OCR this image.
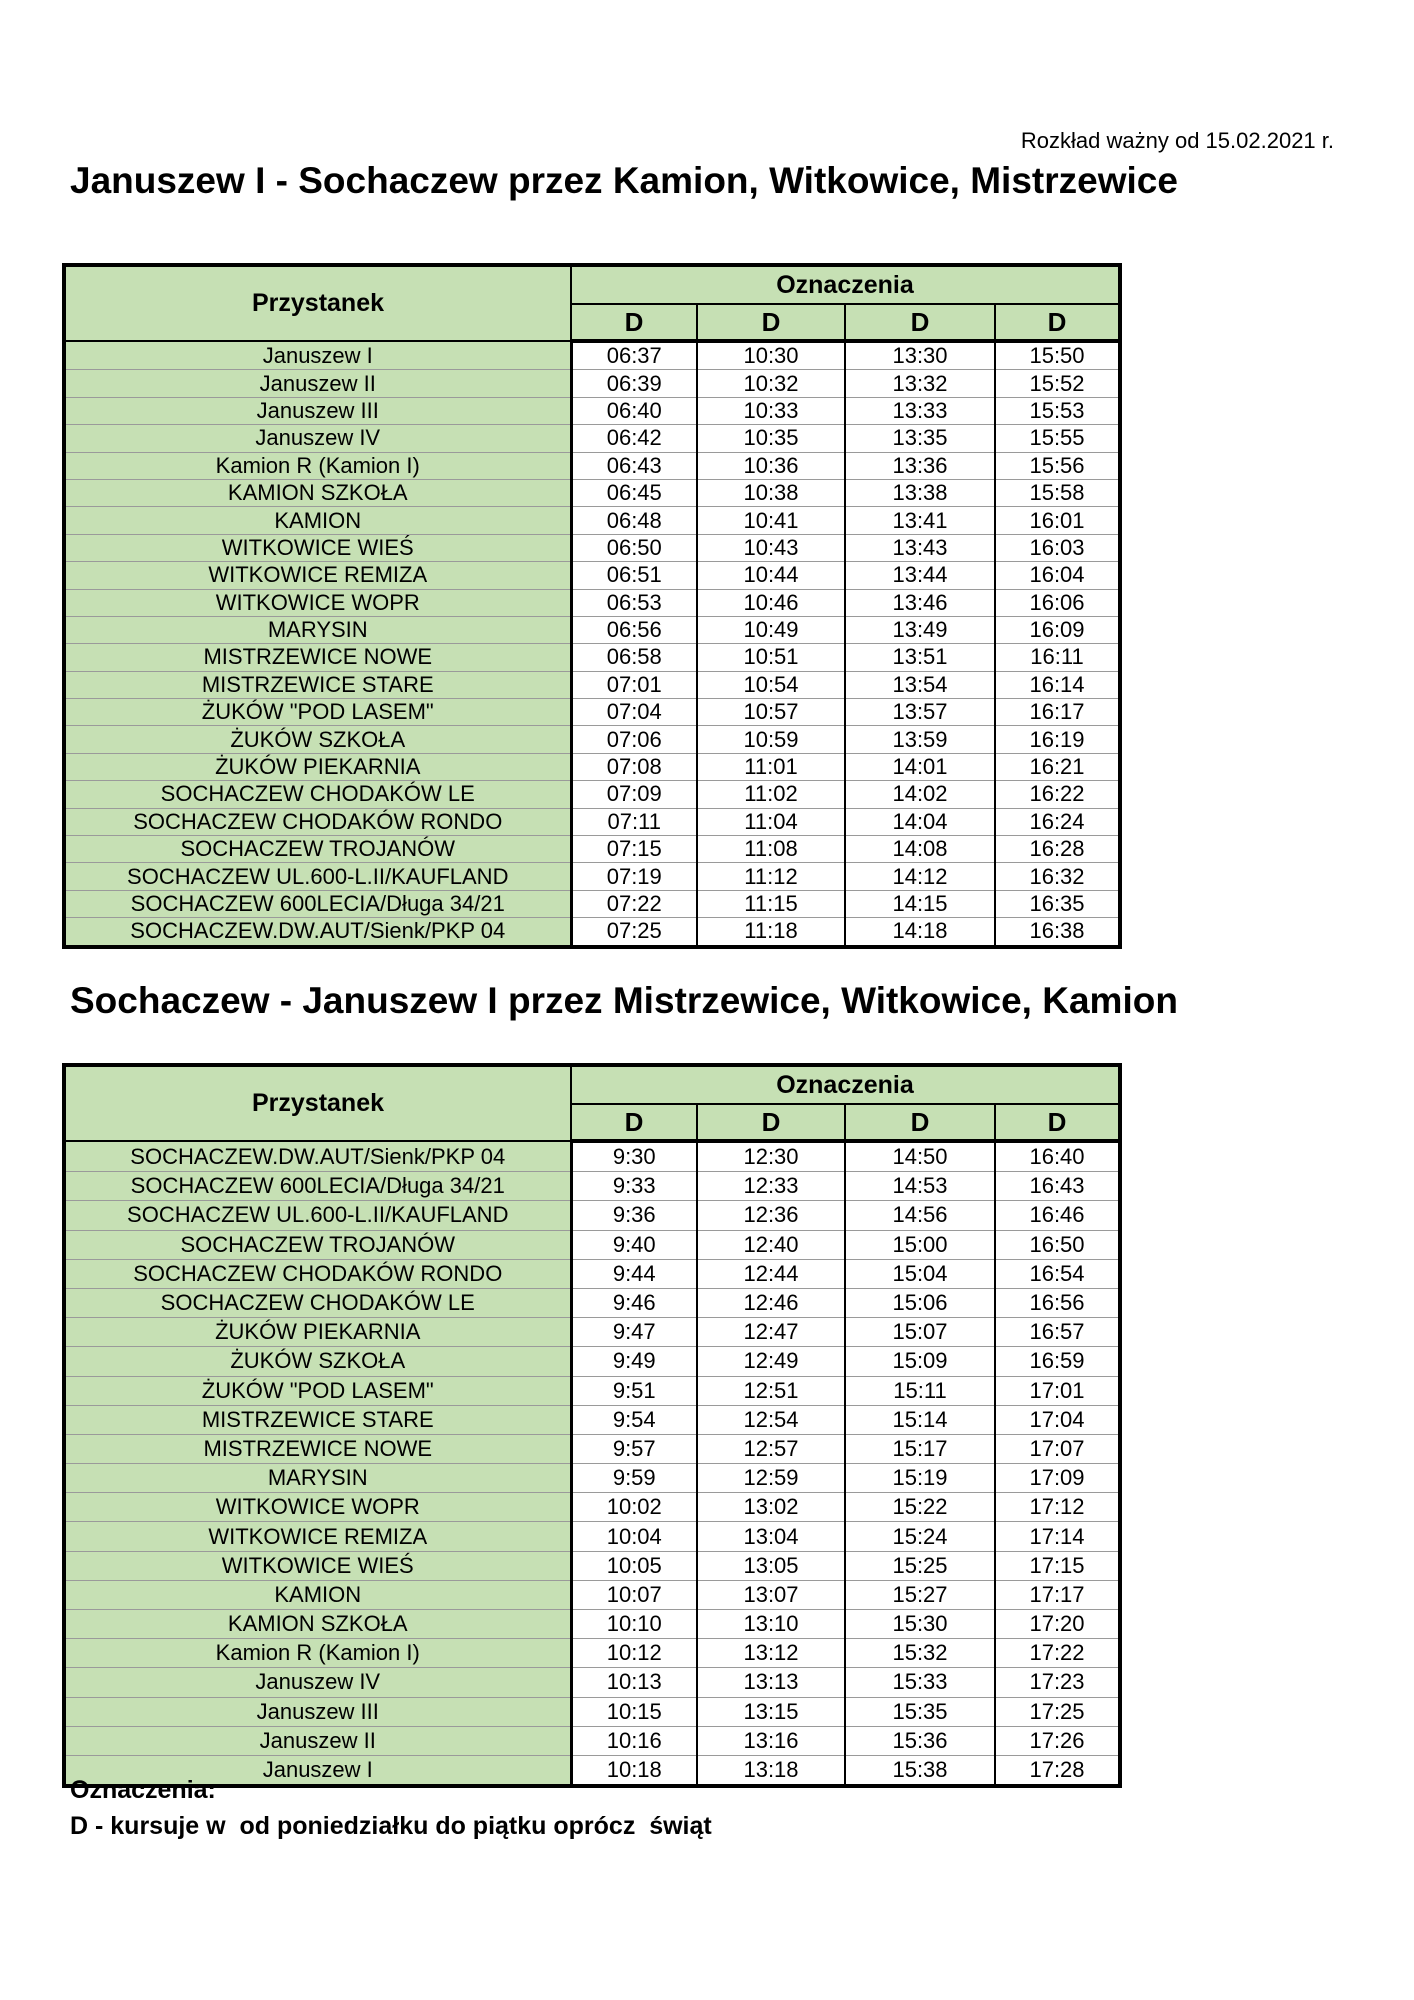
Rozkład ważny od 15.02.2021 r.
Januszew I - Sochaczew przez Kamion, Witkowice, Mistrzewice
Przystanek	Oznaczenia			
	D	D	D	D
Januszew I	06:37	10:30	13:30	15:50
Januszew II	06:39	10:32	13:32	15:52
Januszew III	06:40	10:33	13:33	15:53
Januszew IV	06:42	10:35	13:35	15:55
Kamion R (Kamion I)	06:43	10:36	13:36	15:56
KAMION SZKOŁA	06:45	10:38	13:38	15:58
KAMION	06:48	10:41	13:41	16:01
WITKOWICE WIEŚ	06:50	10:43	13:43	16:03
WITKOWICE REMIZA	06:51	10:44	13:44	16:04
WITKOWICE WOPR	06:53	10:46	13:46	16:06
MARYSIN	06:56	10:49	13:49	16:09
MISTRZEWICE NOWE	06:58	10:51	13:51	16:11
MISTRZEWICE STARE	07:01	10:54	13:54	16:14
ŻUKÓW "POD LASEM"	07:04	10:57	13:57	16:17
ŻUKÓW SZKOŁA	07:06	10:59	13:59	16:19
ŻUKÓW PIEKARNIA	07:08	11:01	14:01	16:21
SOCHACZEW CHODAKÓW LE	07:09	11:02	14:02	16:22
SOCHACZEW CHODAKÓW RONDO	07:11	11:04	14:04	16:24
SOCHACZEW TROJANÓW	07:15	11:08	14:08	16:28
SOCHACZEW UL.600-L.II/KAUFLAND	07:19	11:12	14:12	16:32
SOCHACZEW 600LECIA/Długa 34/21	07:22	11:15	14:15	16:35
SOCHACZEW.DW.AUT/Sienk/PKP 04	07:25	11:18	14:18	16:38
Sochaczew - Januszew I przez Mistrzewice, Witkowice, Kamion
Przystanek	Oznaczenia			
	D	D	D	D
SOCHACZEW.DW.AUT/Sienk/PKP 04	9:30	12:30	14:50	16:40
SOCHACZEW 600LECIA/Długa 34/21	9:33	12:33	14:53	16:43
SOCHACZEW UL.600-L.II/KAUFLAND	9:36	12:36	14:56	16:46
SOCHACZEW TROJANÓW	9:40	12:40	15:00	16:50
SOCHACZEW CHODAKÓW RONDO	9:44	12:44	15:04	16:54
SOCHACZEW CHODAKÓW LE	9:46	12:46	15:06	16:56
ŻUKÓW PIEKARNIA	9:47	12:47	15:07	16:57
ŻUKÓW SZKOŁA	9:49	12:49	15:09	16:59
ŻUKÓW "POD LASEM"	9:51	12:51	15:11	17:01
MISTRZEWICE STARE	9:54	12:54	15:14	17:04
MISTRZEWICE NOWE	9:57	12:57	15:17	17:07
MARYSIN	9:59	12:59	15:19	17:09
WITKOWICE WOPR	10:02	13:02	15:22	17:12
WITKOWICE REMIZA	10:04	13:04	15:24	17:14
WITKOWICE WIEŚ	10:05	13:05	15:25	17:15
KAMION	10:07	13:07	15:27	17:17
KAMION SZKOŁA	10:10	13:10	15:30	17:20
Kamion R (Kamion I)	10:12	13:12	15:32	17:22
Januszew IV	10:13	13:13	15:33	17:23
Januszew III	10:15	13:15	15:35	17:25
Januszew II	10:16	13:16	15:36	17:26
Januszew I	10:18	13:18	15:38	17:28
Oznaczenia:
D - kursuje w  od poniedziałku do piątku oprócz  świąt
